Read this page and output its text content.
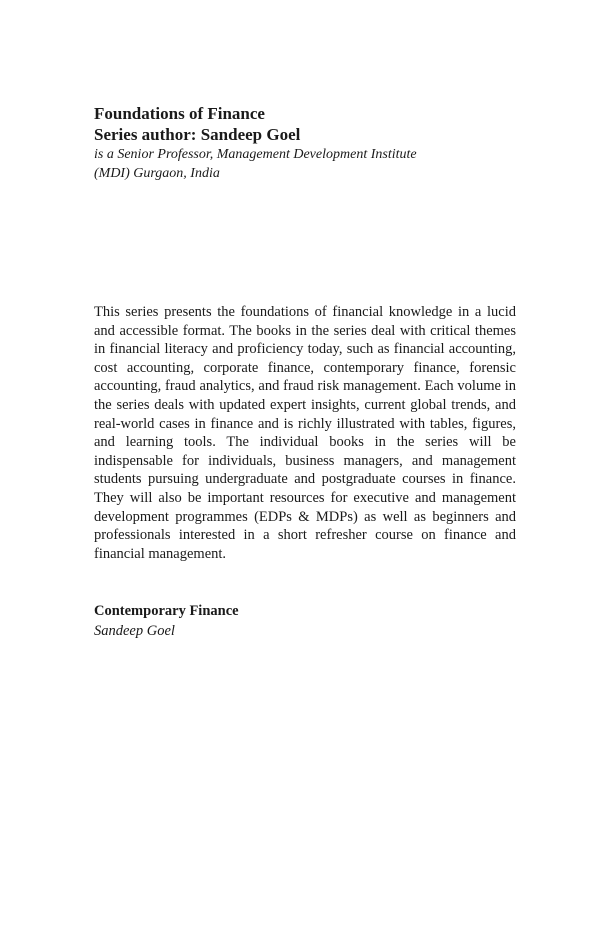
Foundations of Finance
Series author: Sandeep Goel
is a Senior Professor, Management Development Institute
(MDI) Gurgaon, India

This series presents the foundations of financial knowledge in a lucid and accessible format. The books in the series deal with critical themes in financial literacy and proficiency today, such as financial accounting, cost accounting, corporate finance, contemporary finance, forensic accounting, fraud analytics, and fraud risk management. Each volume in the series deals with updated expert insights, current global trends, and real-world cases in finance and is richly illustrated with tables, figures, and learning tools. The individual books in the series will be indispensable for individuals, business managers, and management students pursuing undergraduate and postgraduate courses in finance. They will also be important resources for executive and management development programmes (EDPs & MDPs) as well as beginners and professionals interested in a short refresher course on finance and financial management.

Contemporary Finance
Sandeep Goel
